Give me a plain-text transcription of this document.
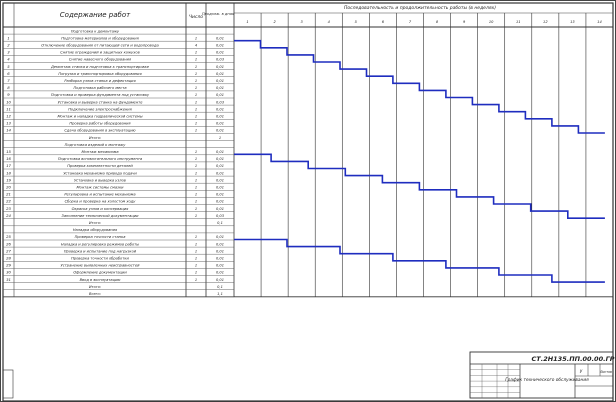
Содержание работ	Число
Продолж. в днях
Последовательность и продолжительность работы (в неделях)
1	2	3	4	5	6	7	8	9	10	11	12	13	14
Подготовка к демонтажу
1	Подготовка материалов и оборудования	1	0,01
2	Отключение оборудования от питающей сети и водопровода	4	0,01
3	Снятие ограждений и защитных кожухов	1	0,01
4	Снятие навесного оборудования	1	0,03
5	Демонтаж станка и подготовка к транспортировке	1	0,01
6	Погрузка и транспортировка оборудования	1	0,01
7	Разборка узлов станка и дефектация	1	0,01
8	Подготовка рабочего места	1	0,01
9	Подготовка и проверка фундамента под установку	1	0,01
10	Установка и выверка станка на фундаменте	1	0,03
11	Подключение электроснабжения	1	0,01
12	Монтаж и наладка гидравлической системы	1	0,01
13	Проверка работы оборудования	1	0,01
14	Сдача оборудования в эксплуатацию	1	0,01
Итого:	1
Подготовка изделий к монтажу
15	Монтаж механизма	1	0,01
16	Подготовка вспомогательного инструмента	1	0,01
17	Проверка комплектности деталей	1	0,01
18	Установка механизма привода подачи	1	0,01
19	Установка и выверка узлов	1	0,01
20	Монтаж системы смазки	1	0,01
21	Регулировка и испытание механизма	1	0,01
22	Сборка и проверка на холостом ходу	1	0,01
23	Окраска узлов и консервация	1	0,01
24	Заполнение технической документации	1	0,03
Итого:	0,1
Наладка оборудования
25	Проверка точности станка	1	0,01
26	Наладка и регулировка режимов работы	1	0,01
27	Проверка и испытание под нагрузкой	1	0,01
28	Проверка точности обработки	1	0,01
29	Устранение выявленных неисправностей	1	0,01
30	Оформление документации	1	0,01
31	Ввод в эксплуатацию	1	0,01
Итого:	0,1
Всего:	1,1
СТ.2Н135.ПП.00.00.ГР
График технического обслуживания
У	Листов
